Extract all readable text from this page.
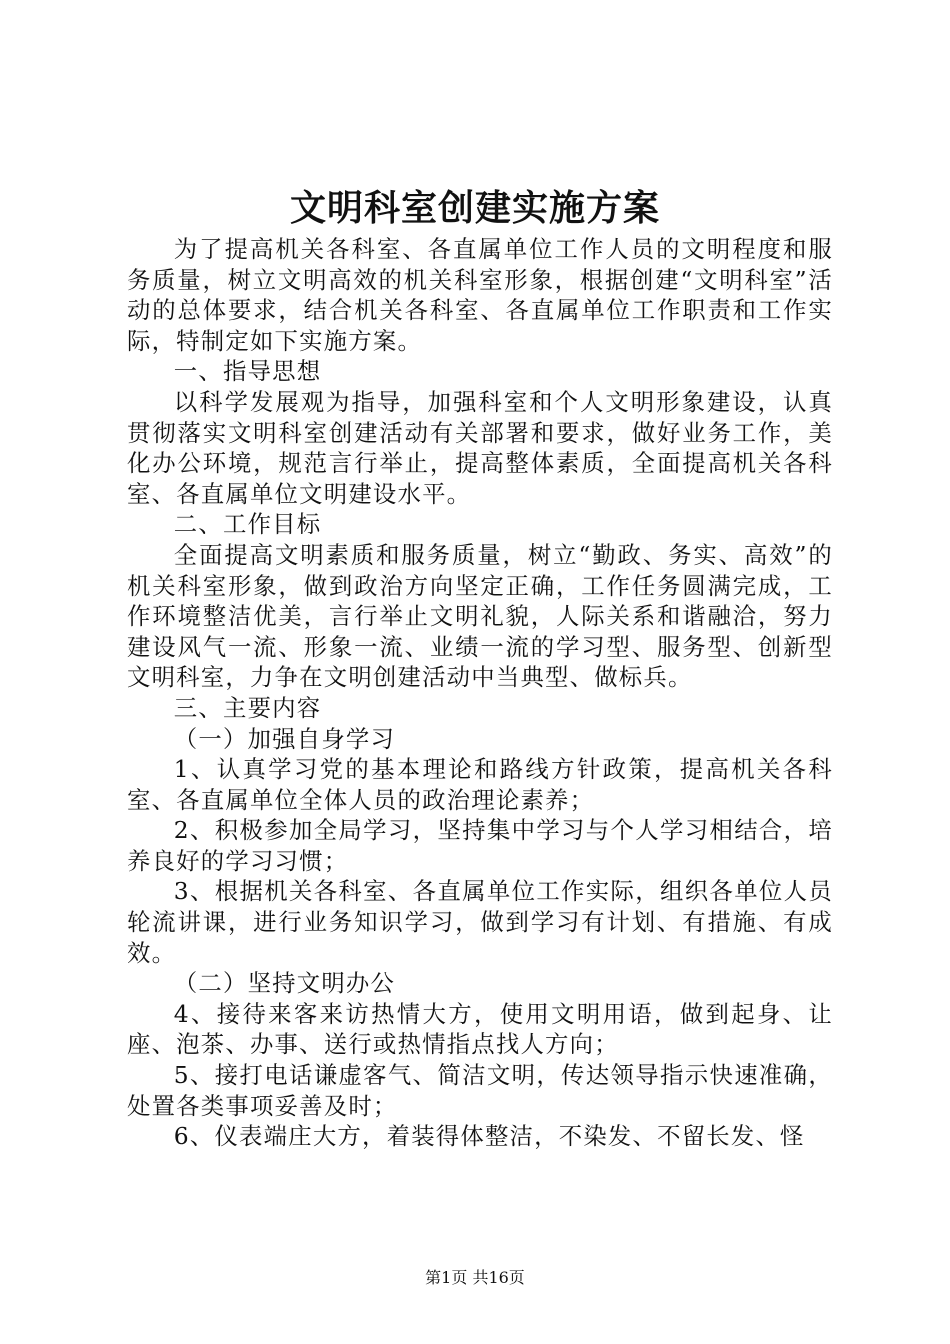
文明科室创建实施方案

为了提高机关各科室、各直属单位工作人员的文明程度和服务质量，树立文明高效的机关科室形象，根据创建“文明科室”活动的总体要求，结合机关各科室、各直属单位工作职责和工作实际，特制定如下实施方案。

一、指导思想

以科学发展观为指导，加强科室和个人文明形象建设，认真贯彻落实文明科室创建活动有关部署和要求，做好业务工作，美化办公环境，规范言行举止，提高整体素质，全面提高机关各科室、各直属单位文明建设水平。

二、工作目标

全面提高文明素质和服务质量，树立“勤政、务实、高效”的机关科室形象，做到政治方向坚定正确，工作任务圆满完成，工作环境整洁优美，言行举止文明礼貌，人际关系和谐融洽，努力建设风气一流、形象一流、业绩一流的学习型、服务型、创新型文明科室，力争在文明创建活动中当典型、做标兵。

三、主要内容

（一）加强自身学习

1、认真学习党的基本理论和路线方针政策，提高机关各科室、各直属单位全体人员的政治理论素养；

2、积极参加全局学习，坚持集中学习与个人学习相结合，培养良好的学习习惯；

3、根据机关各科室、各直属单位工作实际，组织各单位人员轮流讲课，进行业务知识学习，做到学习有计划、有措施、有成效。

（二）坚持文明办公

4、接待来客来访热情大方，使用文明用语，做到起身、让座、泡茶、办事、送行或热情指点找人方向；

5、接打电话谦虚客气、简洁文明，传达领导指示快速准确，处置各类事项妥善及时；

6、仪表端庄大方，着装得体整洁，不染发、不留长发、怪

第1页 共16页
